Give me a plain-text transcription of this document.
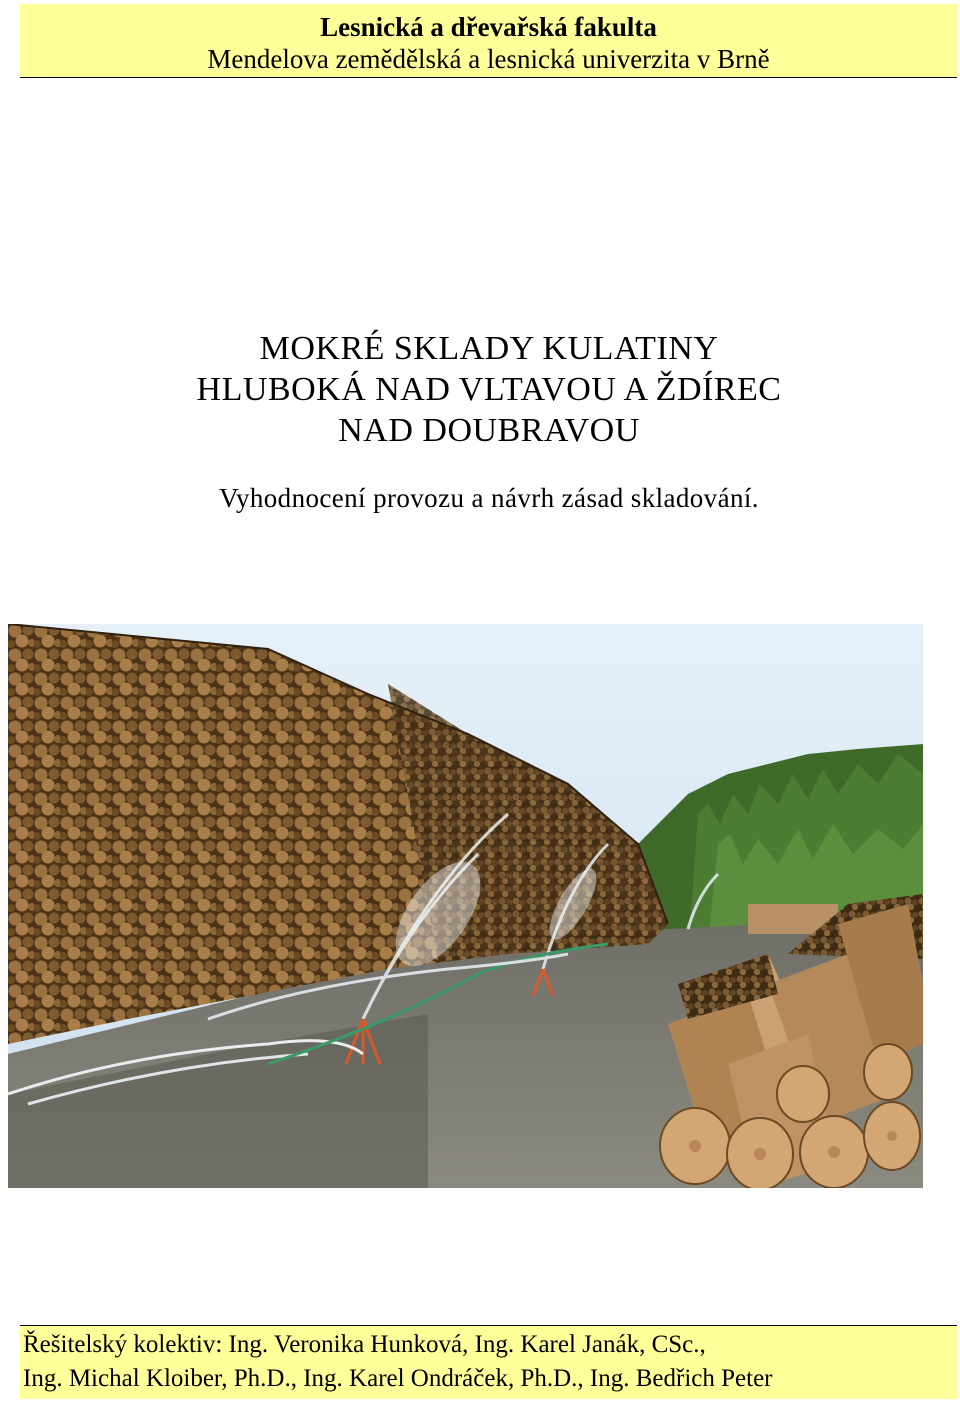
Lesnická a dřevařská fakulta
Mendelova zemědělská a lesnická univerzita v Brně
MOKRÉ SKLADY KULATINY
HLUBOKÁ NAD VLTAVOU A ŽDÍREC
NAD DOUBRAVOU
Vyhodnocení provozu a návrh zásad skladování.
Řešitelský kolektiv: Ing. Veronika Hunková, Ing. Karel Janák, CSc.,
Ing. Michal Kloiber, Ph.D., Ing. Karel Ondráček, Ph.D., Ing. Bedřich Peter
